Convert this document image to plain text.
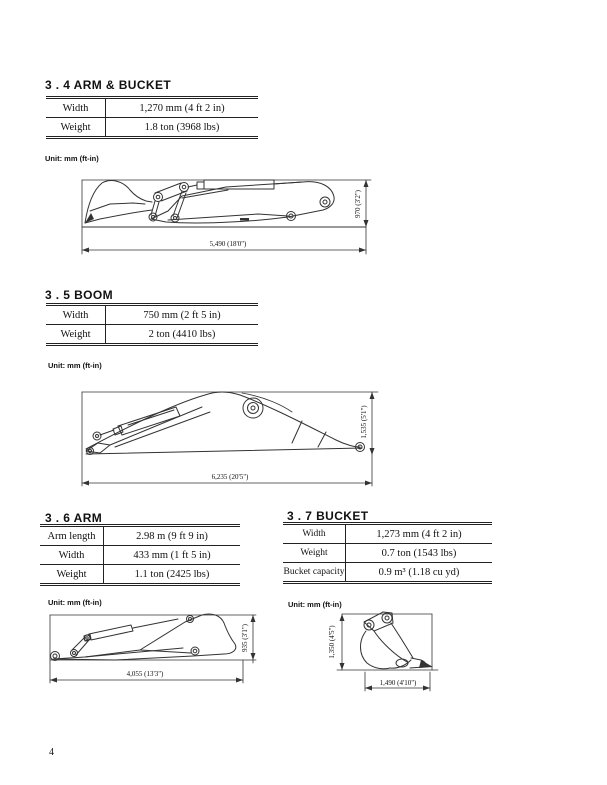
3 . 4 ARM & BUCKET
Width	1,270 mm (4 ft 2 in)
Weight	1.8 ton (3968 lbs)
Unit: mm (ft-in)
5,490 (18'0")
970 (3'2")
3 . 5 BOOM
Width	750 mm (2 ft 5 in)
Weight	2 ton (4410 lbs)
Unit: mm (ft-in)
6,235 (20'5")
1,535 (5'1")
3 . 6 ARM
Arm length	2.98 m (9 ft 9 in)
Width	433 mm (1 ft 5 in)
Weight	1.1 ton (2425 lbs)
3 . 7 BUCKET
Width	1,273 mm (4 ft 2 in)
Weight	0.7 ton (1543 lbs)
Bucket capacity	0.9 m³ (1.18 cu yd)
Unit: mm (ft-in)	Unit: mm (ft-in)
4,055 (13'3")
935 (3'1")
1,490 (4'10")
1,350 (4'5")
4
